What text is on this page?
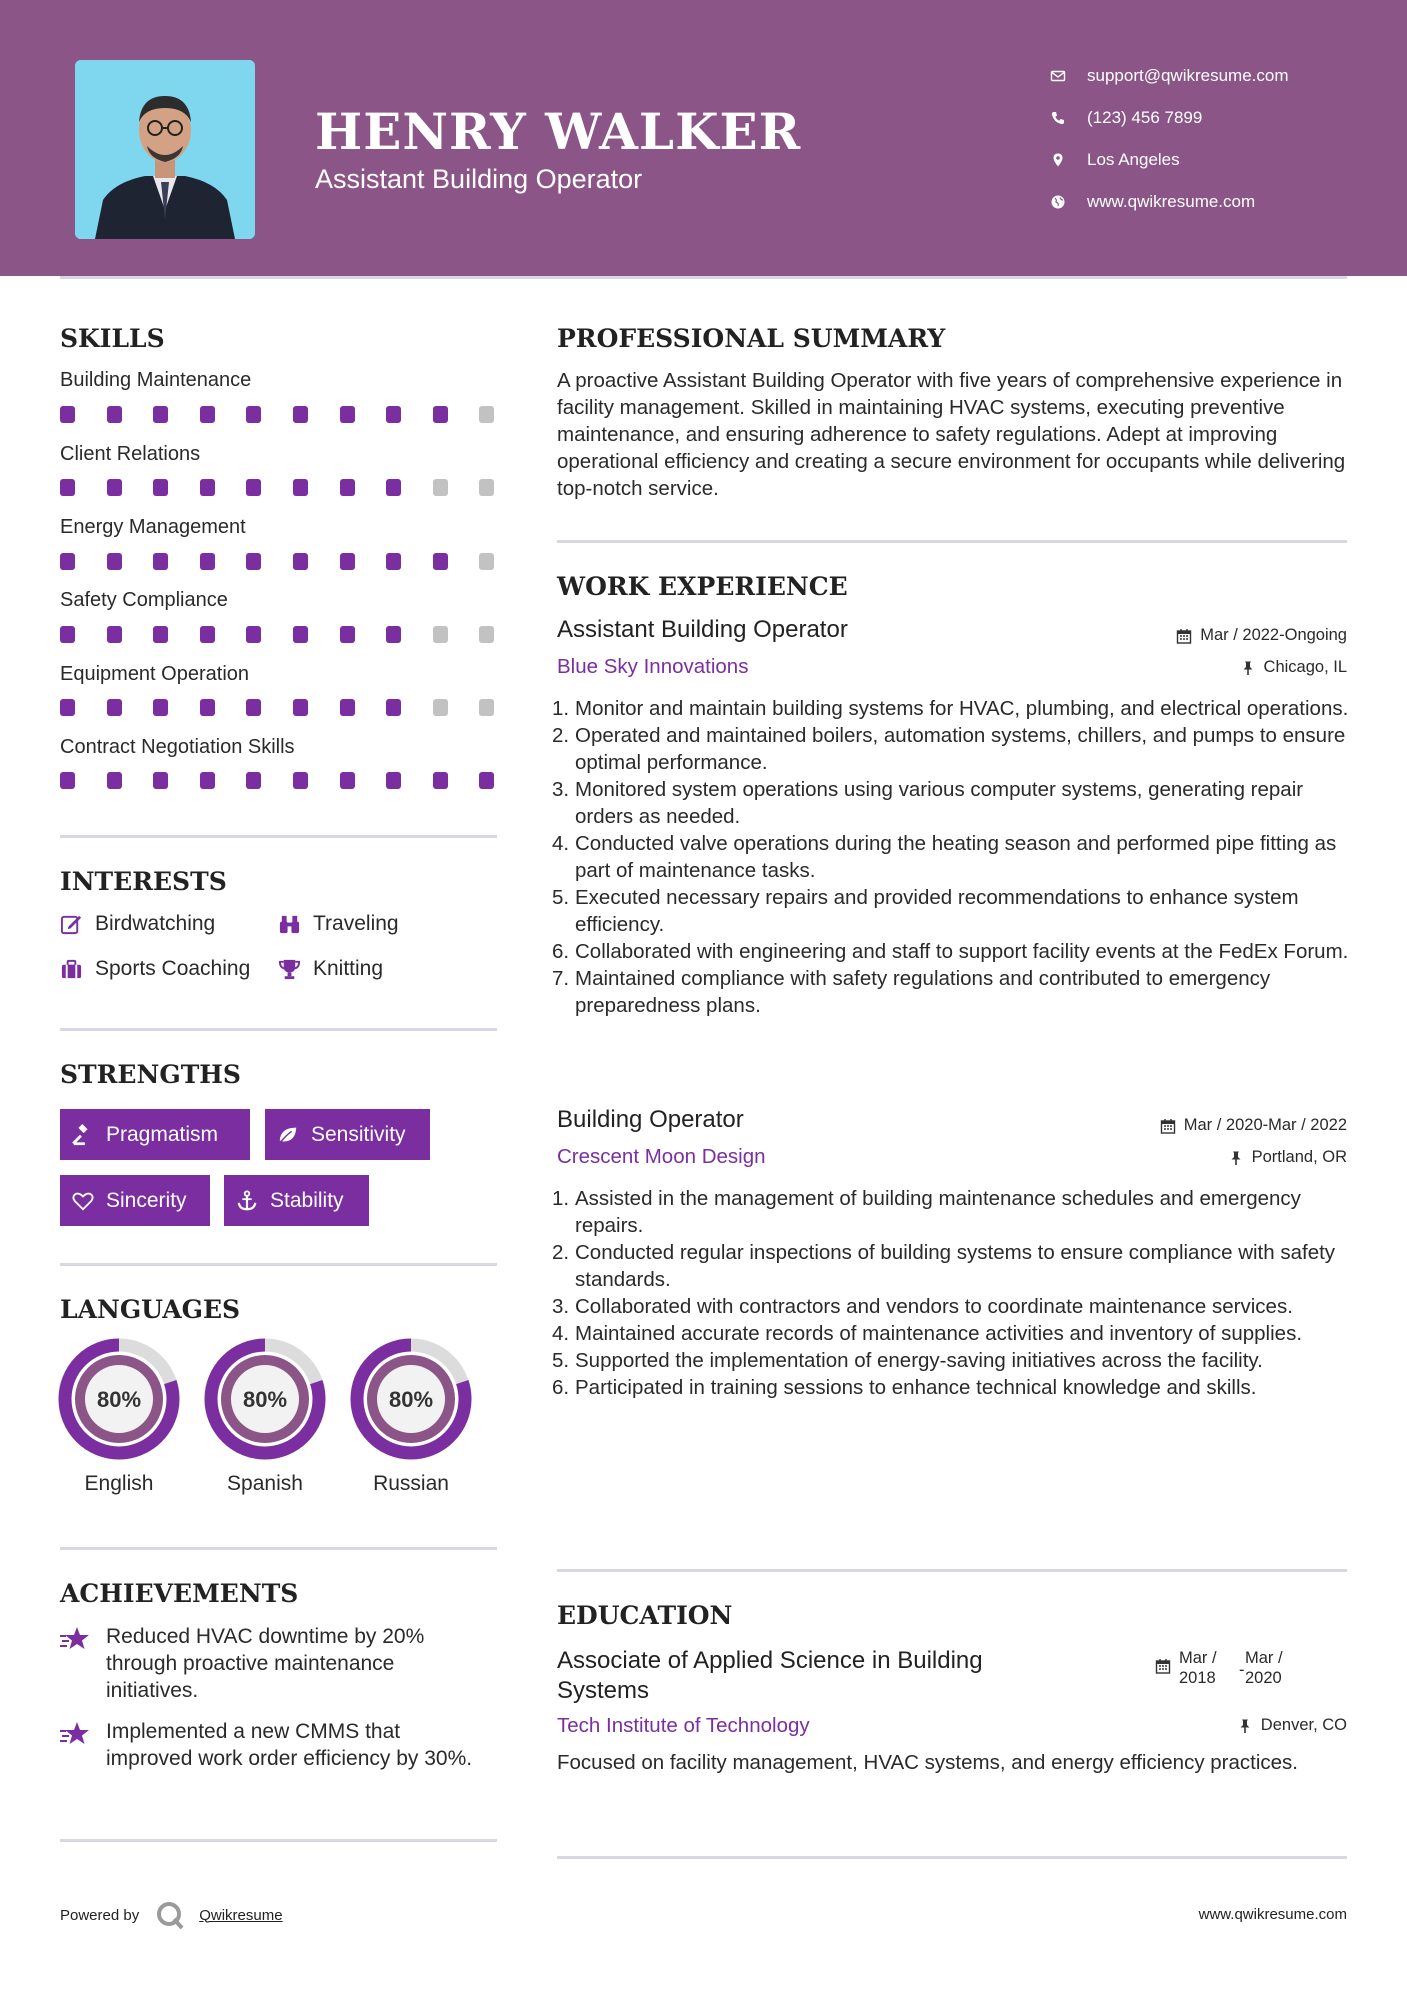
HENRY WALKER
Assistant Building Operator
support@qwikresume.com
(123) 456 7899
Los Angeles
www.qwikresume.com
SKILLS
Building Maintenance
Client Relations
Energy Management
Safety Compliance
Equipment Operation
Contract Negotiation Skills
INTERESTS
Birdwatching	Traveling
Sports Coaching	Knitting
STRENGTHS
Pragmatism	Sensitivity
Sincerity	Stability
LANGUAGES
80%
English
80%
Spanish
80%
Russian
ACHIEVEMENTS
Reduced HVAC downtime by 20% through proactive maintenance initiatives.
Implemented a new CMMS that improved work order efficiency by 30%.
PROFESSIONAL SUMMARY
A proactive Assistant Building Operator with five years of comprehensive experience in facility management. Skilled in maintaining HVAC systems, executing preventive maintenance, and ensuring adherence to safety regulations. Adept at improving operational efficiency and creating a secure environment for occupants while delivering top-notch service.
WORK EXPERIENCE
Assistant Building Operator	Mar / 2022-Ongoing
Blue Sky Innovations	Chicago, IL
1. Monitor and maintain building systems for HVAC, plumbing, and electrical operations.
2. Operated and maintained boilers, automation systems, chillers, and pumps to ensure optimal performance.
3. Monitored system operations using various computer systems, generating repair orders as needed.
4. Conducted valve operations during the heating season and performed pipe fitting as part of maintenance tasks.
5. Executed necessary repairs and provided recommendations to enhance system efficiency.
6. Collaborated with engineering and staff to support facility events at the FedEx Forum.
7. Maintained compliance with safety regulations and contributed to emergency preparedness plans.
Building Operator	Mar / 2020-Mar / 2022
Crescent Moon Design	Portland, OR
1. Assisted in the management of building maintenance schedules and emergency repairs.
2. Conducted regular inspections of building systems to ensure compliance with safety standards.
3. Collaborated with contractors and vendors to coordinate maintenance services.
4. Maintained accurate records of maintenance activities and inventory of supplies.
5. Supported the implementation of energy-saving initiatives across the facility.
6. Participated in training sessions to enhance technical knowledge and skills.
EDUCATION
Associate of Applied Science in Building
Systems
Mar /
2018	-
Mar /
2020
Tech Institute of Technology	Denver, CO
Focused on facility management, HVAC systems, and energy efficiency practices.
Powered by	Qwikresume	www.qwikresume.com
